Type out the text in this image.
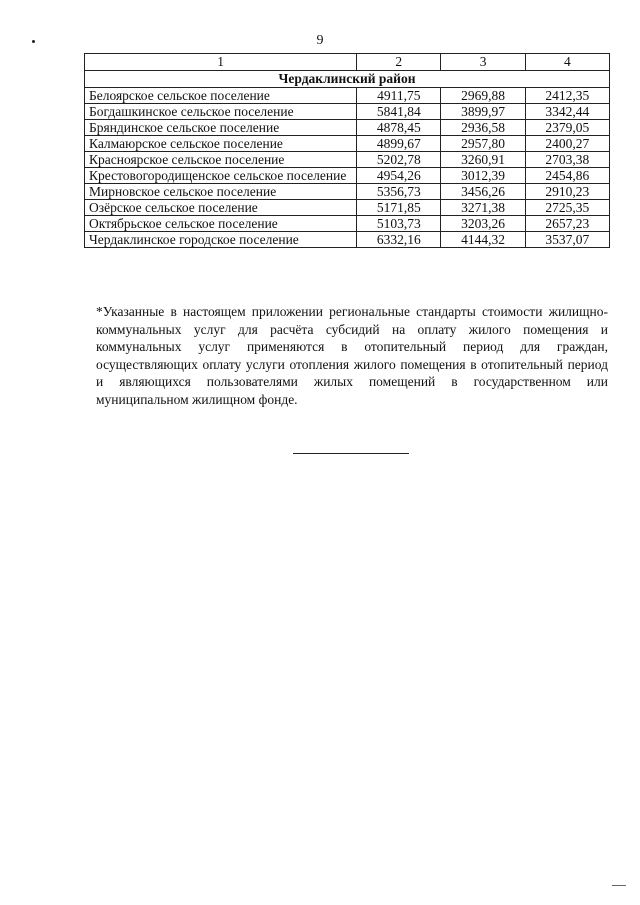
9
1	2	3	4
Чердаклинский район			
Белоярское сельское поселение	4911,75	2969,88	2412,35
Богдашкинское сельское поселение	5841,84	3899,97	3342,44
Бряндинское сельское поселение	4878,45	2936,58	2379,05
Калмаюрское сельское поселение	4899,67	2957,80	2400,27
Красноярское сельское поселение	5202,78	3260,91	2703,38
Крестовогородищенское сельское поселение	4954,26	3012,39	2454,86
Мирновское сельское поселение	5356,73	3456,26	2910,23
Озёрское сельское поселение	5171,85	3271,38	2725,35
Октябрьское сельское поселение	5103,73	3203,26	2657,23
Чердаклинское городское поселение	6332,16	4144,32	3537,07
*Указанные в настоящем приложении региональные стандарты стоимости жилищно-коммунальных услуг для расчёта субсидий на оплату жилого помещения и коммунальных услуг применяются в отопительный период для граждан, осуществляющих оплату услуги отопления жилого помещения в отопительный период и являющихся пользователями жилых помещений в государственном или муниципальном жилищном фонде.
